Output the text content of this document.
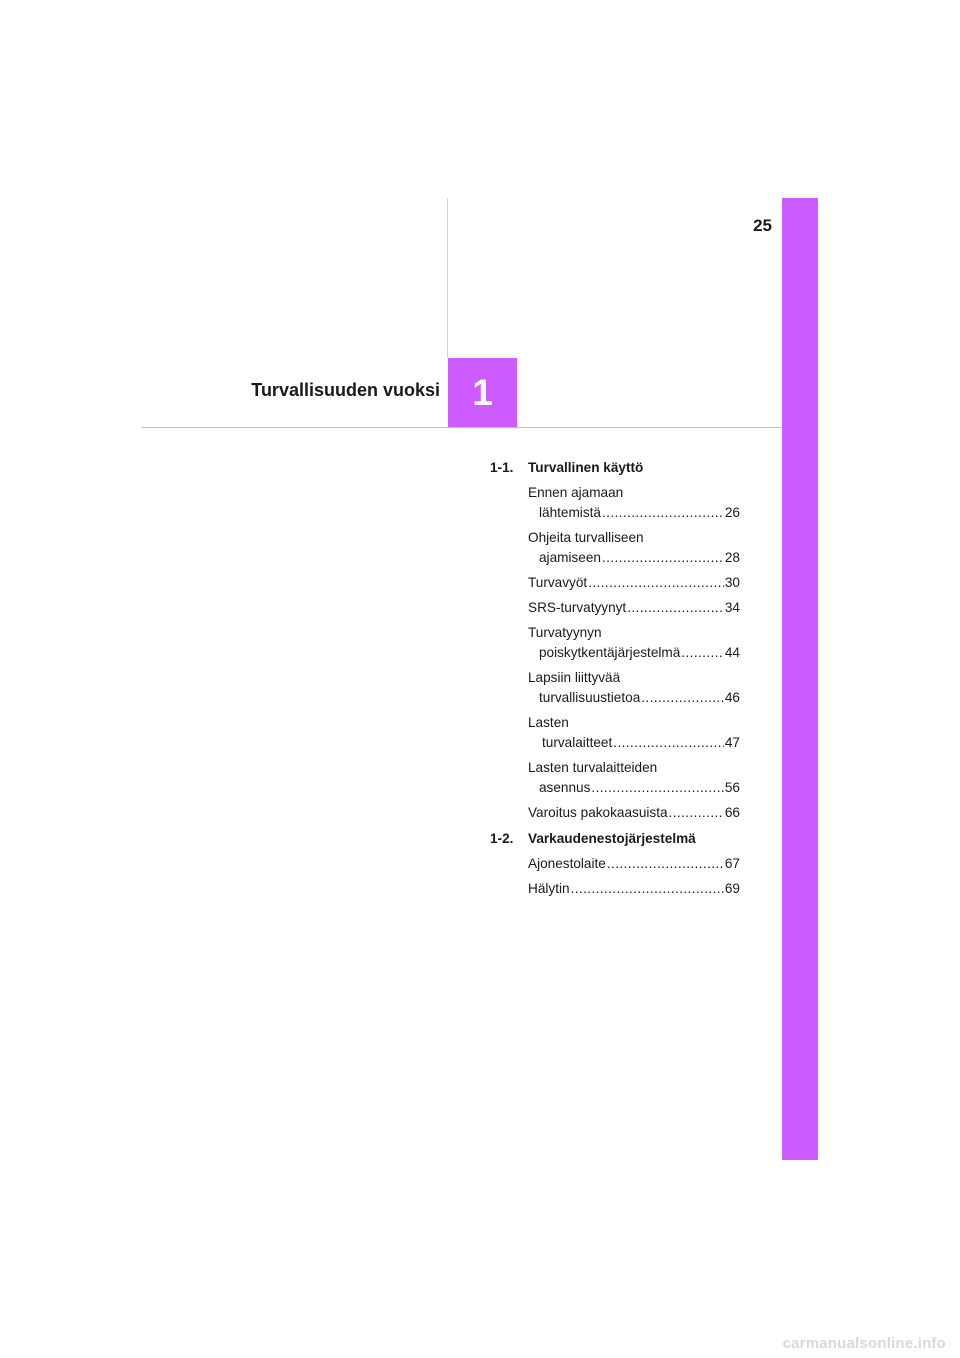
1
Turvallisuuden vuoksi
25
1-1.	Turvallinen käyttö
Ennen ajamaan
lähtemistä .....	26
Ohjeita turvalliseen
ajamiseen .....	28
Turvavyöt .....	30
SRS-turvatyynyt .....	34
Turvatyynyn
poiskytkentäjärjestelmä .....	44
Lapsiin liittyvää
turvallisuustietoa .....	46
Lasten
turvalaitteet .....	47
Lasten turvalaitteiden
asennus .....	56
Varoitus pakokaasuista .....	66
1-2.	Varkaudenestojärjestelmä
Ajonestolaite .....	67
Hälytin .....	69
carmanualsonline.info
